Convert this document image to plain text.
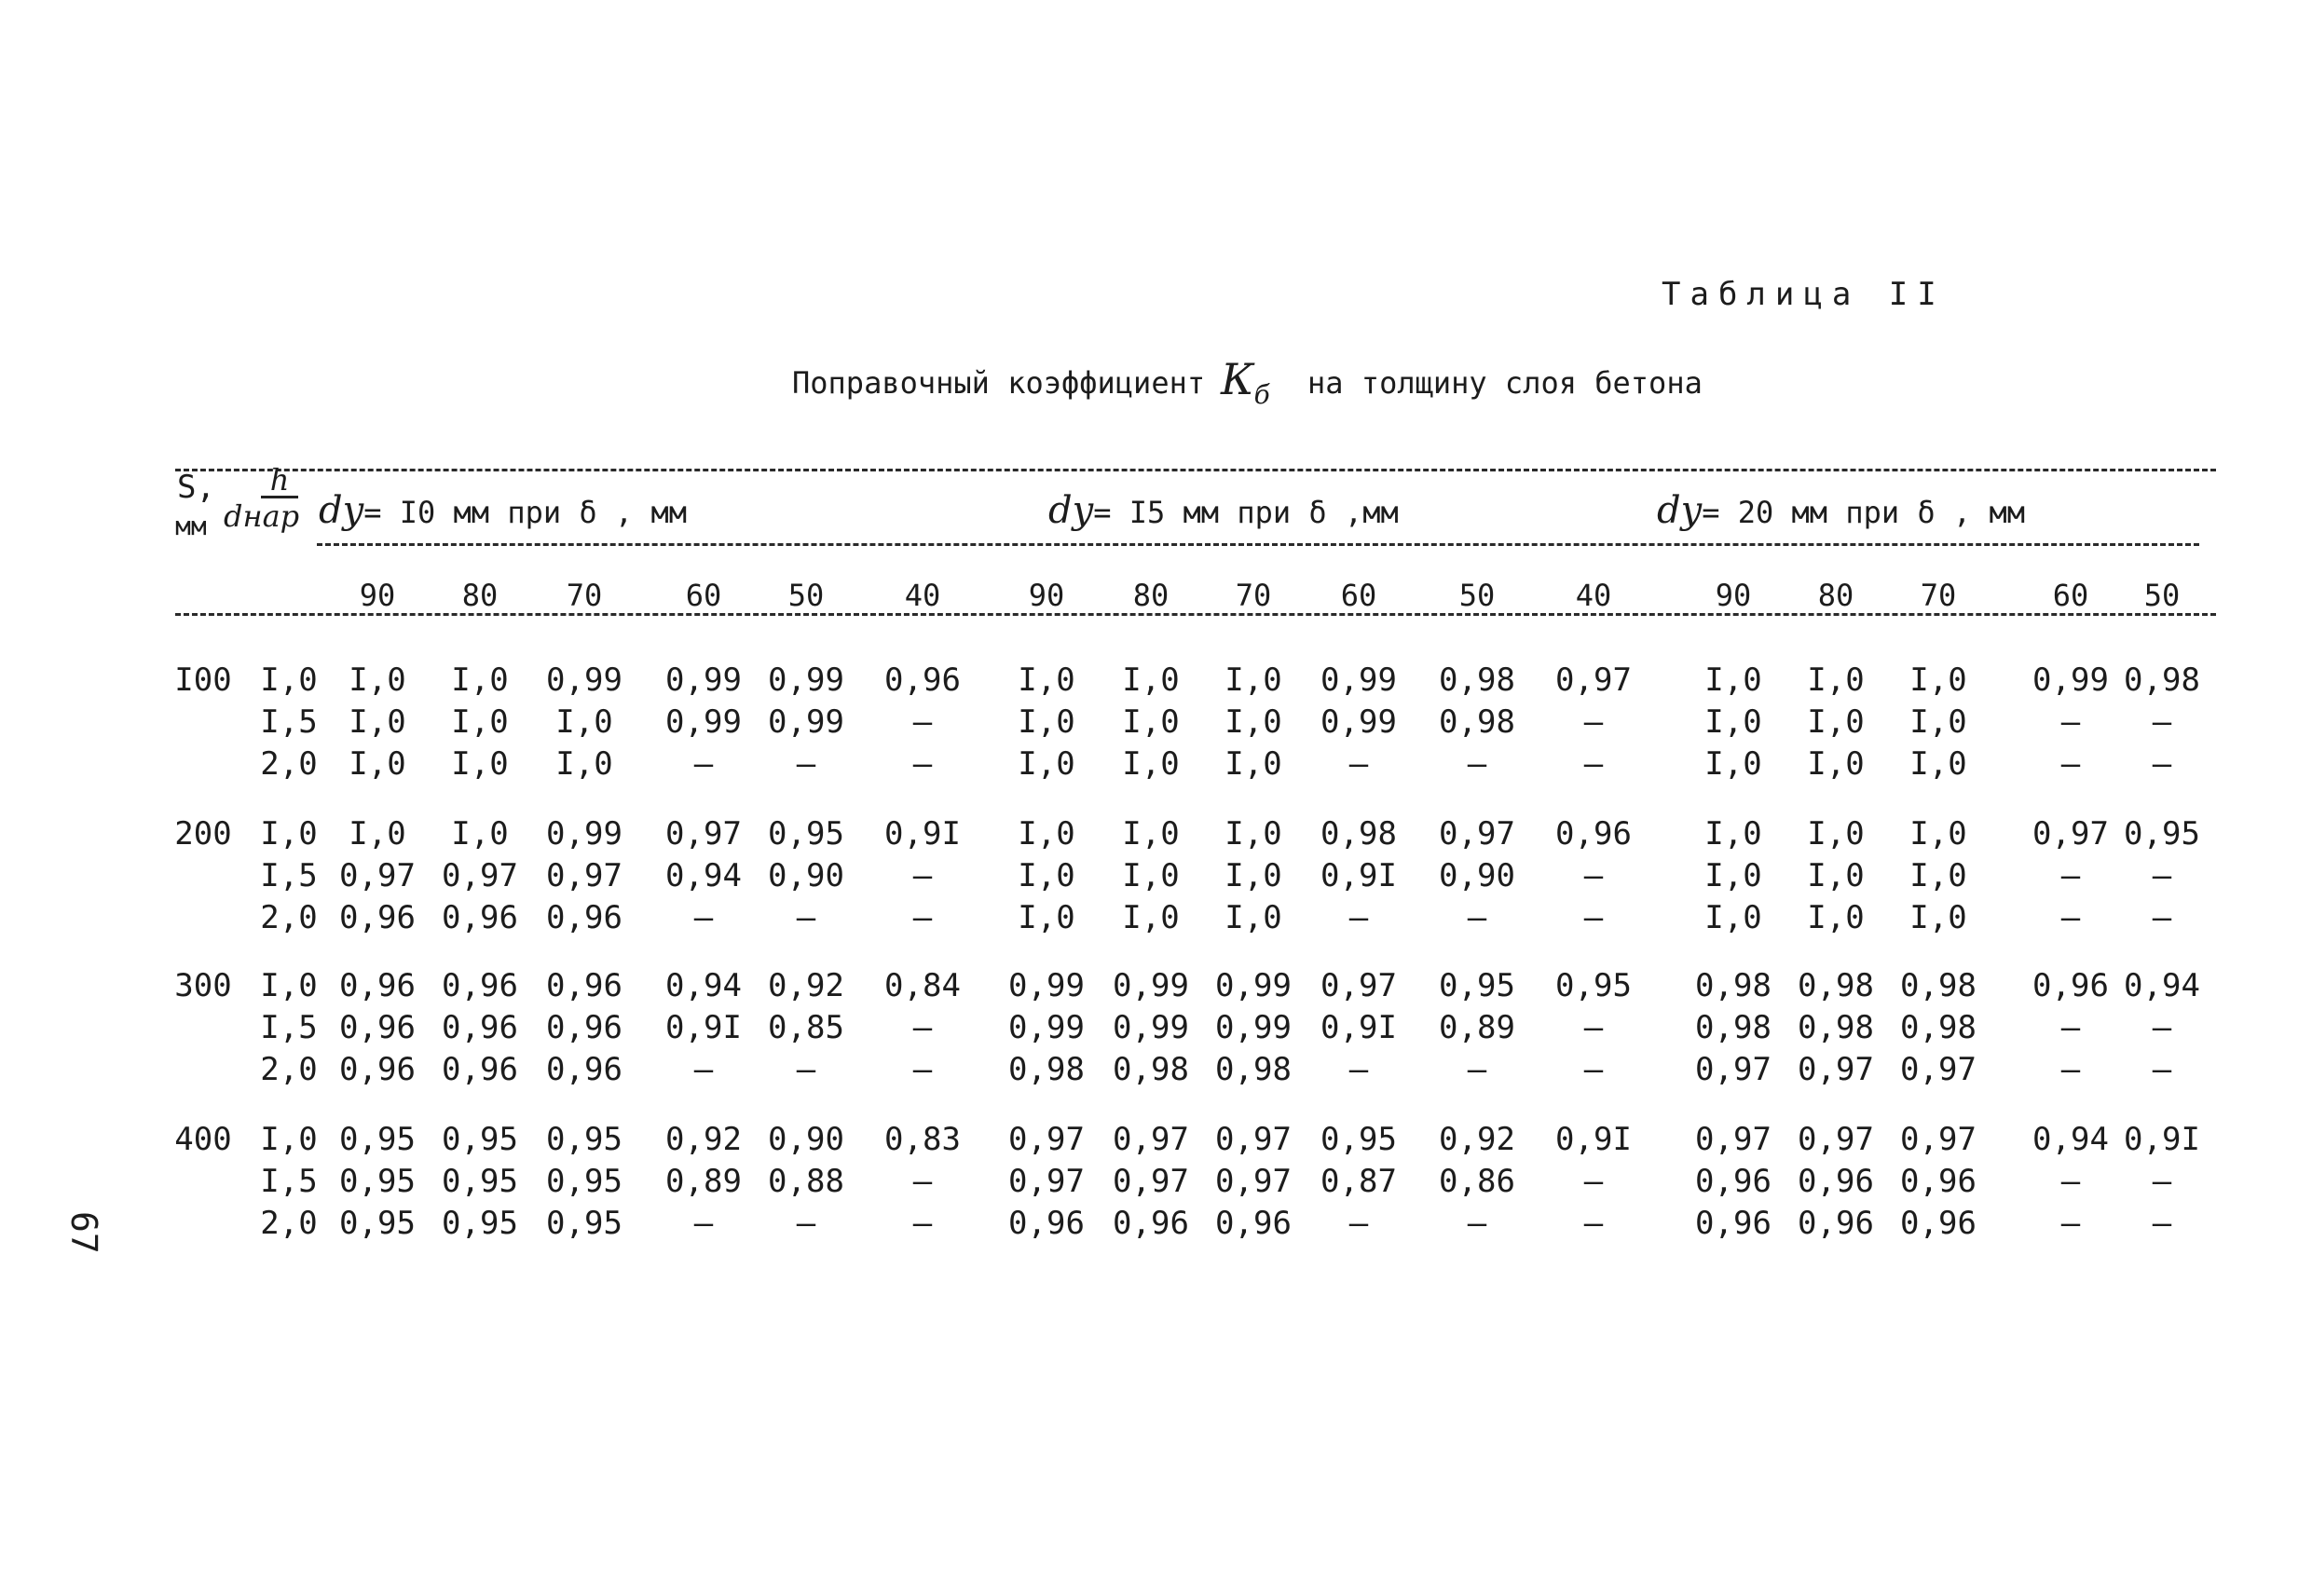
Таблица II
Поправочный коэффициент $К_б$ на толщину слоя бетона
S,
мм
h
dнар dy= I0 мм при δ , мм	dy= I5 мм при δ ,мм	dy= 20 мм при δ , мм
90	80	70	60	50	40	90	80	70	60	50	40	90	80	70	60	50
I00 I,0 I,0	I,0	0,99	0,99 0,99	0,96	I,0	I,0	I,0	0,99	0,98	0,97	I,0	I,0	I,0	0,99 0,98
I,5 I,0	I,0	I,0	0,99 0,99	–	I,0	I,0	I,0	0,99	0,98	–	I,0	I,0	I,0	–	–
2,0 I,0	I,0	I,0	–	–	–	I,0	I,0	I,0	–	–	–	I,0	I,0	I,0	–	–
200 I,0 I,0	I,0	0,99	0,97 0,95	0,9I	I,0	I,0	I,0	0,98	0,97	0,96	I,0	I,0	I,0	0,97 0,95
I,5 0,97 0,97 0,97	0,94 0,90	–	I,0	I,0	I,0	0,9I	0,90	–	I,0	I,0	I,0	–	–
2,0 0,96 0,96 0,96	–	–	–	I,0	I,0	I,0	–	–	–	I,0	I,0	I,0	–	–
300 I,0 0,96 0,96 0,96	0,94 0,92	0,84	0,99 0,99 0,99 0,97	0,95	0,95	0,98 0,98 0,98	0,96 0,94
I,5 0,96 0,96 0,96	0,9I 0,85	–	0,99 0,99 0,99 0,9I	0,89	–	0,98 0,98 0,98	–	–
2,0 0,96 0,96 0,96	–	–	–	0,98 0,98 0,98	–	–	–	0,97 0,97 0,97	–	–
400 I,0 0,95 0,95 0,95	0,92 0,90	0,83	0,97 0,97 0,97 0,95	0,92	0,9I	0,97 0,97 0,97	0,94 0,9I
I,5 0,95 0,95 0,95	0,89 0,88	–	0,97 0,97 0,97 0,87	0,86	–	0,96 0,96 0,96	–	–
2,0 0,95 0,95 0,95	–	–	–	0,96 0,96 0,96	–	–	–	0,96 0,96 0,96	–	–
67
